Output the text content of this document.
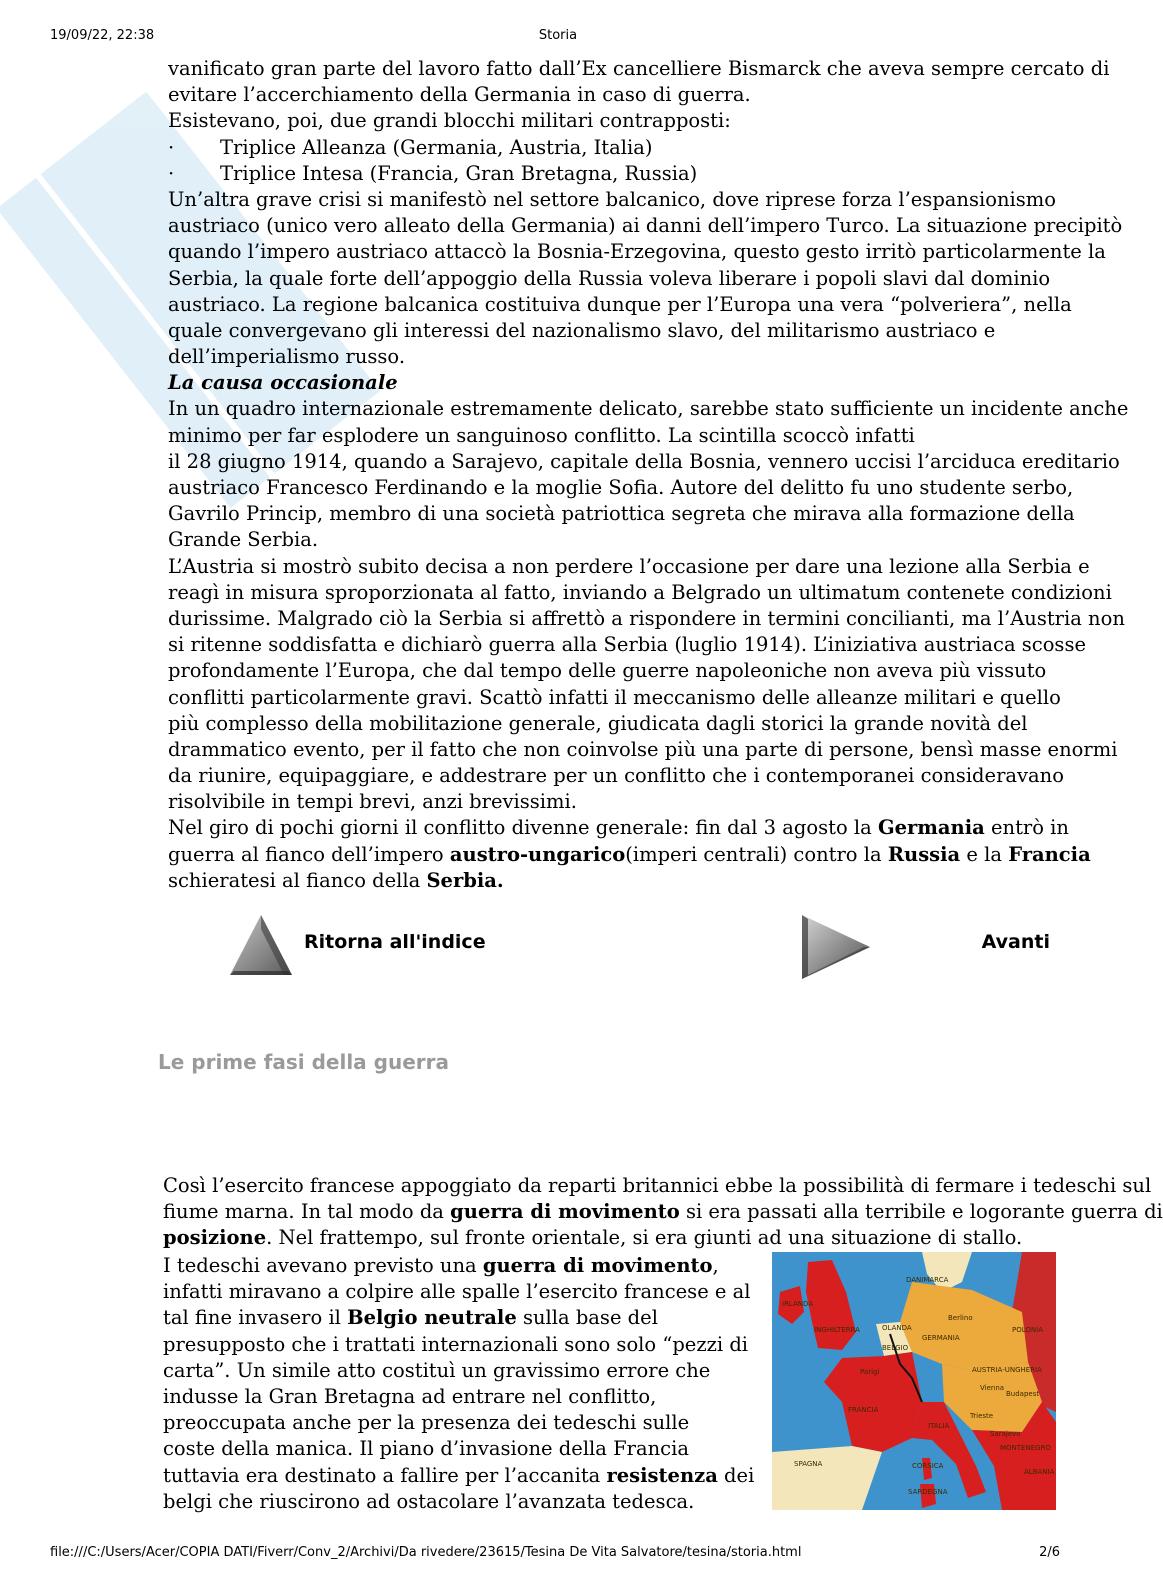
19/09/22, 22:38	Storia
vanificato gran parte del lavoro fatto dall’Ex cancelliere Bismarck che aveva sempre cercato di
evitare l’accerchiamento della Germania in caso di guerra.
Esistevano, poi, due grandi blocchi militari contrapposti:
· Triplice Alleanza (Germania, Austria, Italia)
· Triplice Intesa (Francia, Gran Bretagna, Russia)
Un’altra grave crisi si manifestò nel settore balcanico, dove riprese forza l’espansionismo
austriaco (unico vero alleato della Germania) ai danni dell’impero Turco. La situazione precipitò
quando l’impero austriaco attaccò la Bosnia-Erzegovina, questo gesto irritò particolarmente la
Serbia, la quale forte dell’appoggio della Russia voleva liberare i popoli slavi dal dominio
austriaco. La regione balcanica costituiva dunque per l’Europa una vera “polveriera”, nella
quale convergevano gli interessi del nazionalismo slavo, del militarismo austriaco e
dell’imperialismo russo.
La causa occasionale
In un quadro internazionale estremamente delicato, sarebbe stato sufficiente un incidente anche
minimo per far esplodere un sanguinoso conflitto. La scintilla scoccò infatti
il 28 giugno 1914, quando a Sarajevo, capitale della Bosnia, vennero uccisi l’arciduca ereditario
austriaco Francesco Ferdinando e la moglie Sofia. Autore del delitto fu uno studente serbo,
Gavrilo Princip, membro di una società patriottica segreta che mirava alla formazione della
Grande Serbia.
L’Austria si mostrò subito decisa a non perdere l’occasione per dare una lezione alla Serbia e
reagì in misura sproporzionata al fatto, inviando a Belgrado un ultimatum contenete condizioni
durissime. Malgrado ciò la Serbia si affrettò a rispondere in termini concilianti, ma l’Austria non
si ritenne soddisfatta e dichiarò guerra alla Serbia (luglio 1914). L’iniziativa austriaca scosse
profondamente l’Europa, che dal tempo delle guerre napoleoniche non aveva più vissuto
conflitti particolarmente gravi. Scattò infatti il meccanismo delle alleanze militari e quello
più complesso della mobilitazione generale, giudicata dagli storici la grande novità del
drammatico evento, per il fatto che non coinvolse più una parte di persone, bensì masse enormi
da riunire, equipaggiare, e addestrare per un conflitto che i contemporanei consideravano
risolvibile in tempi brevi, anzi brevissimi.
Nel giro di pochi giorni il conflitto divenne generale: fin dal 3 agosto la Germania entrò in
guerra al fianco dell’impero austro-ungarico(imperi centrali) contro la Russia e la Francia
schieratesi al fianco della Serbia.
Ritorna all'indice	Avanti
Le prime fasi della guerra
Così l’esercito francese appoggiato da reparti britannici ebbe la possibilità di fermare i tedeschi sul
fiume marna. In tal modo da guerra di movimento si era passati alla terribile e logorante guerra di
posizione. Nel frattempo, sul fronte orientale, si era giunti ad una situazione di stallo.
I tedeschi avevano previsto una guerra di movimento,
infatti miravano a colpire alle spalle l’esercito francese e al
tal fine invasero il Belgio neutrale sulla base del
presupposto che i trattati internazionali sono solo “pezzi di
carta”. Un simile atto costituì un gravissimo errore che
indusse la Gran Bretagna ad entrare nel conflitto,
preoccupata anche per la presenza dei tedeschi sulle
coste della manica. Il piano d’invasione della Francia
tuttavia era destinato a fallire per l’accanita resistenza dei
belgi che riuscirono ad ostacolare l’avanzata tedesca.
DANIMARCA
IRLANDA
INGHILTERRA	OLANDA
Berlino
GERMANIA
POLONIA
BELGIO
Parigi	AUSTRIA-UNGHERIA
Vienna
Budapest
FRANCIA
Trieste
ITALIA
Sarajevo
MONTENEGRO
SPAGNA	CORSICA
SARDEGNA
ALBANIA
file:///C:/Users/Acer/COPIA DATI/Fiverr/Conv_2/Archivi/Da rivedere/23615/Tesina De Vita Salvatore/tesina/storia.html	2/6
